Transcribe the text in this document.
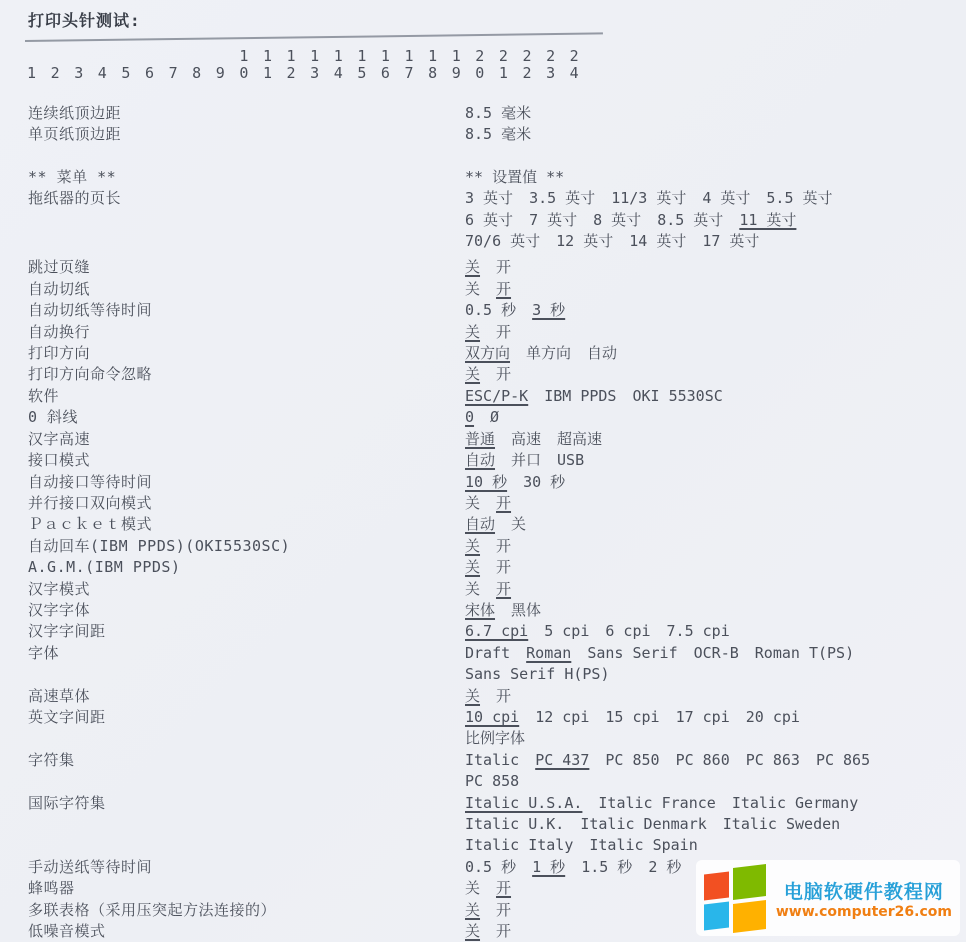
打印头针测试:

1
2
3
4
5
6
7
8
9
1
0
1
1
1
2
1
3
1
4
1
5
1
6
1
7
1
8
1
9
2
0
2
1
2
2
2
3
2
4
连续纸顶边距	8.5 毫米
单页纸顶边距	8.5 毫米
** 菜单 **	** 设置值 **
拖纸器的页长	3 英寸 3.5 英寸 11/3 英寸 4 英寸 5.5 英寸
6 英寸 7 英寸 8 英寸 8.5 英寸 11 英寸
70/6 英寸 12 英寸 14 英寸 17 英寸
跳过页缝	关 开
自动切纸	关 开
自动切纸等待时间	0.5 秒 3 秒
自动换行	关 开
打印方向	双方向 单方向 自动
打印方向命令忽略	关 开
软件	ESC/P-K IBM PPDS OKI 5530SC
0 斜线	0 Ø
汉字高速	普通 高速 超高速
接口模式	自动 并口 USB
自动接口等待时间	10 秒 30 秒
并行接口双向模式	关 开
Ｐａｃｋｅｔ模式	自动 关
自动回车(IBM PPDS)(OKI5530SC)	关 开
A.G.M.(IBM PPDS)	关 开
汉字模式	关 开
汉字字体	宋体 黑体
汉字字间距	6.7 cpi 5 cpi 6 cpi 7.5 cpi
字体	Draft Roman Sans Serif OCR-B Roman T(PS)
Sans Serif H(PS)
高速草体	关 开
英文字间距	10 cpi 12 cpi 15 cpi 17 cpi 20 cpi
比例字体
字符集	Italic PC 437 PC 850 PC 860 PC 863 PC 865
PC 858
国际字符集	Italic U.S.A. Italic France Italic Germany
Italic U.K. Italic Denmark Italic Sweden
Italic Italy Italic Spain
手动送纸等待时间	0.5 秒 1 秒 1.5 秒 2 秒
蜂鸣器	关 开
多联表格（采用压突起方法连接的）	关 开
低噪音模式	关 开
电脑软硬件教程网
www.computer26.com
